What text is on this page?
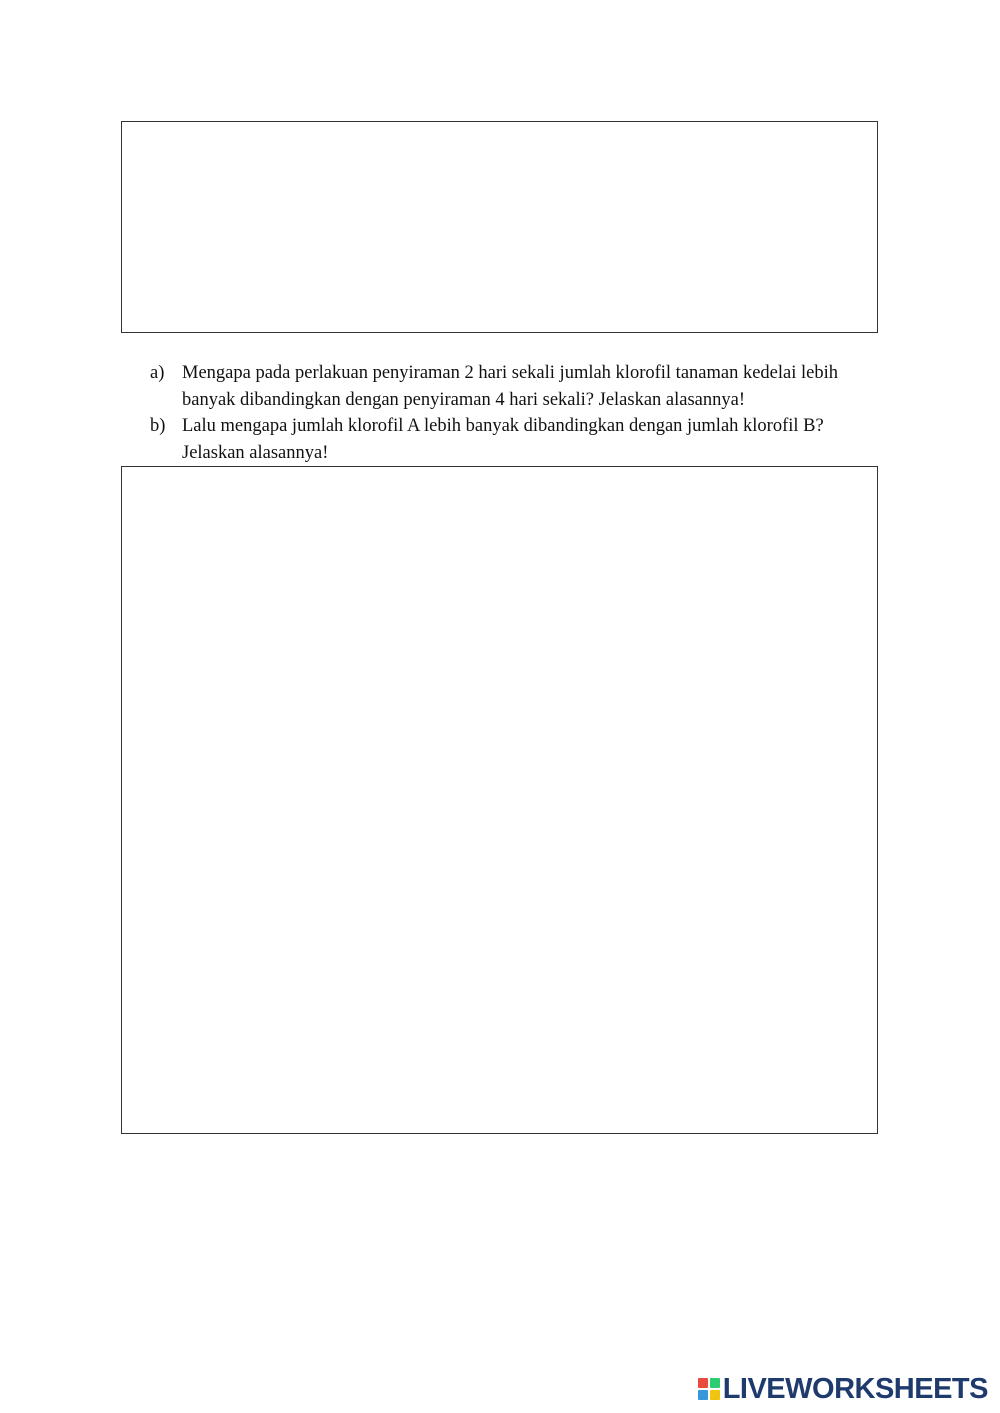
a) Mengapa pada perlakuan penyiraman 2 hari sekali jumlah klorofil tanaman kedelai lebih banyak dibandingkan dengan penyiraman 4 hari sekali? Jelaskan alasannya!
b) Lalu mengapa jumlah klorofil A lebih banyak dibandingkan dengan jumlah klorofil B? Jelaskan alasannya!
LIVEWORKSHEETS
